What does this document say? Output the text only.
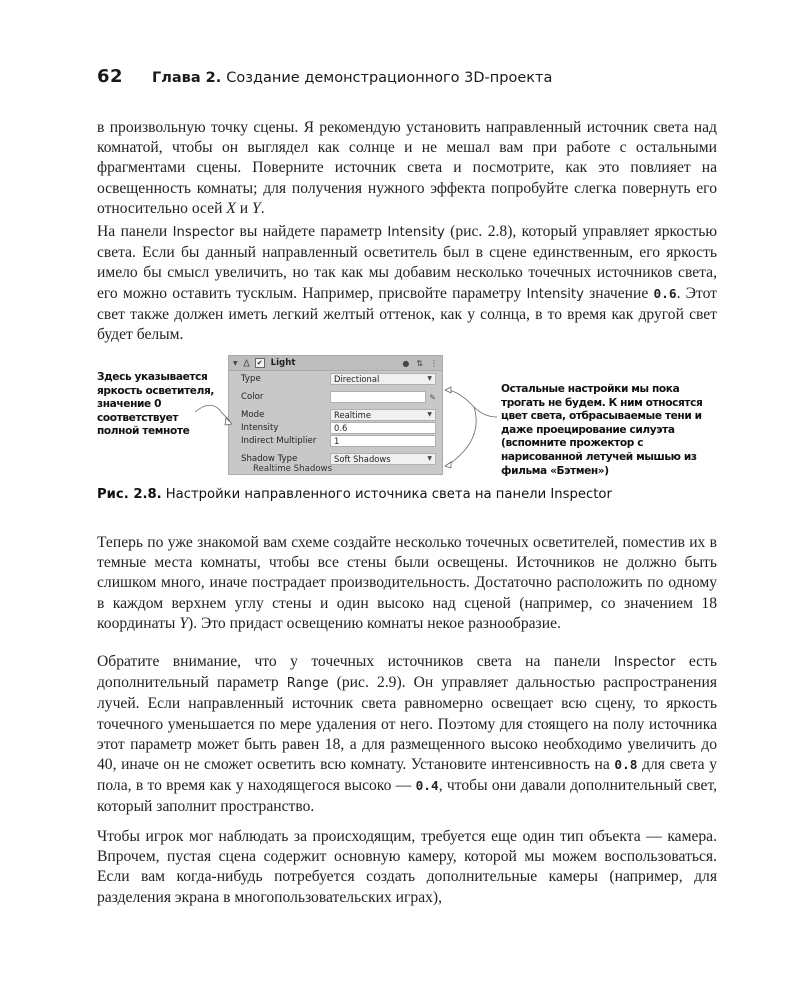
62	Глава 2. Создание демонстрационного 3D-проекта

в произвольную точку сцены. Я рекомендую установить направленный источник света над комнатой, чтобы он выглядел как солнце и не мешал вам при работе с остальными фрагментами сцены. Поверните источник света и посмотрите, как это повлияет на освещенность комнаты; для получения нужного эффекта попробуйте слегка повернуть его относительно осей X и Y.

На панели Inspector вы найдете параметр Intensity (рис. 2.8), который управляет яркостью света. Если бы данный направленный осветитель был в сцене единственным, его яркость имело бы смысл увеличить, но так как мы добавим несколько точечных источников света, его можно оставить тусклым. Например, присвойте параметру Intensity значение 0.6. Этот свет также должен иметь легкий желтый оттенок, как у солнца, в то время как другой свет будет белым.

Здесь указывается яркость осветителя, значение 0 соответствует полной темноте
Остальные настройки мы пока трогать не будем. К ним относятся цвет света, отбрасываемые тени и даже проецирование силуэта (вспомните прожектор с нарисованной летучей мышью из фильма «Бэтмен»)
▼	✔ Light	● ⇅ ⋮
Type	Directional	▼
Color	✎
Mode	Realtime	▼
Intensity	0.6
Indirect Multiplier	1
Shadow Type	Soft Shadows	▼
Realtime Shadows
Рис. 2.8. Настройки направленного источника света на панели Inspector

Теперь по уже знакомой вам схеме создайте несколько точечных осветителей, поместив их в темные места комнаты, чтобы все стены были освещены. Источников не должно быть слишком много, иначе пострадает производительность. Достаточно расположить по одному в каждом верхнем углу стены и один высоко над сценой (например, со значением 18 координаты Y). Это придаст освещению комнаты некое разнообразие.

Обратите внимание, что у точечных источников света на панели Inspector есть дополнительный параметр Range (рис. 2.9). Он управляет дальностью распространения лучей. Если направленный источник света равномерно освещает всю сцену, то яркость точечного уменьшается по мере удаления от него. Поэтому для стоящего на полу источника этот параметр может быть равен 18, а для размещенного высоко необходимо увеличить до 40, иначе он не сможет осветить всю комнату. Установите интенсивность на 0.8 для света у пола, в то время как у находящегося высоко — 0.4, чтобы они давали дополнительный свет, который заполнит пространство.

Чтобы игрок мог наблюдать за происходящим, требуется еще один тип объекта — камера. Впрочем, пустая сцена содержит основную камеру, которой мы можем воспользоваться. Если вам когда-нибудь потребуется создать дополнительные камеры (например, для разделения экрана в многопользовательских играх),
